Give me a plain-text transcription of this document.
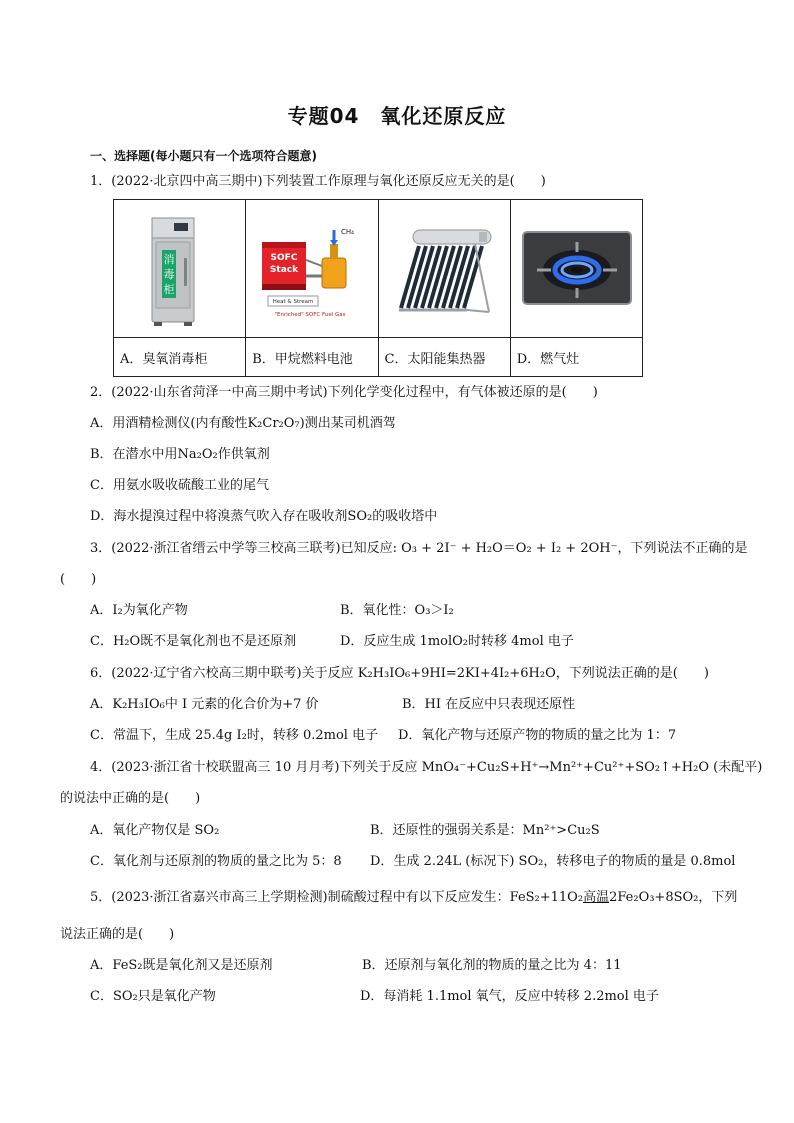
专题04　氧化还原反应
一、选择题(每小题只有一个选项符合题意)
1．(2022·北京四中高三期中)下列装置工作原理与氧化还原反应无关的是(　　)
消
毒
柜	SOFC
Stack
CH₄
Heat & Stream
"Enriched" SOFC Fuel Gas

A．臭氧消毒柜	B．甲烷燃料电池	C．太阳能集热器	D．燃气灶
2．(2022·山东省菏泽一中高三期中考试)下列化学变化过程中，有气体被还原的是(　　)
A．用酒精检测仪(内有酸性K₂Cr₂O₇)测出某司机酒驾
B．在潜水中用Na₂O₂作供氧剂
C．用氨水吸收硫酸工业的尾气
D．海水提溴过程中将溴蒸气吹入存在吸收剂SO₂的吸收塔中
3．(2022·浙江省缙云中学等三校高三联考)已知反应: O₃ + 2I⁻ + H₂O＝O₂ + I₂ + 2OH⁻，下列说法不正确的是
(　　)
A．I₂为氧化产物	B．氧化性：O₃＞I₂
C．H₂O既不是氧化剂也不是还原剂	D．反应生成 1molO₂时转移 4mol 电子
6．(2022·辽宁省六校高三期中联考)关于反应 K₂H₃IO₆+9HI=2KI+4I₂+6H₂O，下列说法正确的是(　　)
A．K₂H₃IO₆中 I 元素的化合价为+7 价	B．HI 在反应中只表现还原性
C．常温下，生成 25.4g I₂时，转移 0.2mol 电子 D．氧化产物与还原产物的物质的量之比为 1：7
4．(2023·浙江省十校联盟高三 10 月月考)下列关于反应 MnO₄⁻+Cu₂S+H⁺→Mn²⁺+Cu²⁺+SO₂↑+H₂O (未配平)
的说法中正确的是(　　)
A．氧化产物仅是 SO₂	B．还原性的强弱关系是：Mn²⁺>Cu₂S
C．氧化剂与还原剂的物质的量之比为 5：8 D．生成 2.24L (标况下) SO₂，转移电子的物质的量是 0.8mol
5．(2023·浙江省嘉兴市高三上学期检测)制硫酸过程中有以下反应发生：FeS₂+11O₂高温2Fe₂O₃+8SO₂，下列
说法正确的是(　　)
A．FeS₂既是氧化剂又是还原剂	B．还原剂与氧化剂的物质的量之比为 4：11
C．SO₂只是氧化产物	D．每消耗 1.1mol 氧气，反应中转移 2.2mol 电子
